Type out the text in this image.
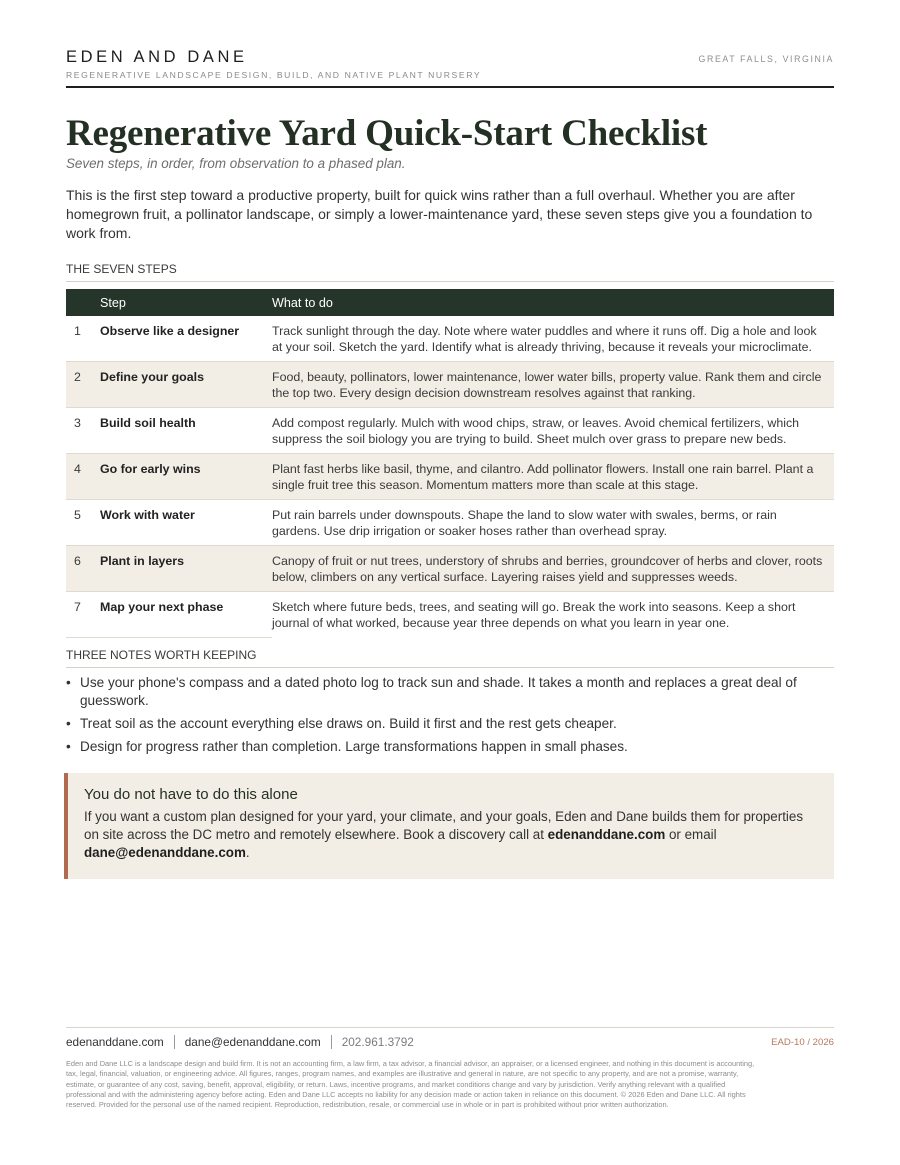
EDEN AND DANE
REGENERATIVE LANDSCAPE DESIGN, BUILD, AND NATIVE PLANT NURSERY
GREAT FALLS, VIRGINIA
Regenerative Yard Quick-Start Checklist
Seven steps, in order, from observation to a phased plan.

This is the first step toward a productive property, built for quick wins rather than a full overhaul. Whether you are after homegrown fruit, a pollinator landscape, or simply a lower-maintenance yard, these seven steps give you a foundation to work from.

THE SEVEN STEPS
	Step	What to do
1	Observe like a designer	Track sunlight through the day. Note where water puddles and where it runs off. Dig a hole and look at your soil. Sketch the yard. Identify what is already thriving, because it reveals your microclimate.
2	Define your goals	Food, beauty, pollinators, lower maintenance, lower water bills, property value. Rank them and circle the top two. Every design decision downstream resolves against that ranking.
3	Build soil health	Add compost regularly. Mulch with wood chips, straw, or leaves. Avoid chemical fertilizers, which suppress the soil biology you are trying to build. Sheet mulch over grass to prepare new beds.
4	Go for early wins	Plant fast herbs like basil, thyme, and cilantro. Add pollinator flowers. Install one rain barrel. Plant a single fruit tree this season. Momentum matters more than scale at this stage.
5	Work with water	Put rain barrels under downspouts. Shape the land to slow water with swales, berms, or rain gardens. Use drip irrigation or soaker hoses rather than overhead spray.
6	Plant in layers	Canopy of fruit or nut trees, understory of shrubs and berries, groundcover of herbs and clover, roots below, climbers on any vertical surface. Layering raises yield and suppresses weeds.
7	Map your next phase	Sketch where future beds, trees, and seating will go. Break the work into seasons. Keep a short journal of what worked, because year three depends on what you learn in year one.
THREE NOTES WORTH KEEPING
• Use your phone's compass and a dated photo log to track sun and shade. It takes a month and replaces a great deal of guesswork.
• Treat soil as the account everything else draws on. Build it first and the rest gets cheaper.
• Design for progress rather than completion. Large transformations happen in small phases.
You do not have to do this alone
If you want a custom plan designed for your yard, your climate, and your goals, Eden and Dane builds them for properties on site across the DC metro and remotely elsewhere. Book a discovery call at edenanddane.com or email dane@edenanddane.com.
edenanddane.com dane@edenanddane.com 202.961.3792	EAD-10 / 2026

Eden and Dane LLC is a landscape design and build firm. It is not an accounting firm, a law firm, a tax advisor, a financial advisor, an appraiser, or a licensed engineer, and nothing in this document is accounting, tax, legal, financial, valuation, or engineering advice. All figures, ranges, program names, and examples are illustrative and general in nature, are not specific to any property, and are not a promise, warranty, estimate, or guarantee of any cost, saving, benefit, approval, eligibility, or return. Laws, incentive programs, and market conditions change and vary by jurisdiction. Verify anything relevant with a qualified professional and with the administering agency before acting. Eden and Dane LLC accepts no liability for any decision made or action taken in reliance on this document. © 2026 Eden and Dane LLC. All rights reserved. Provided for the personal use of the named recipient. Reproduction, redistribution, resale, or commercial use in whole or in part is prohibited without prior written authorization.
